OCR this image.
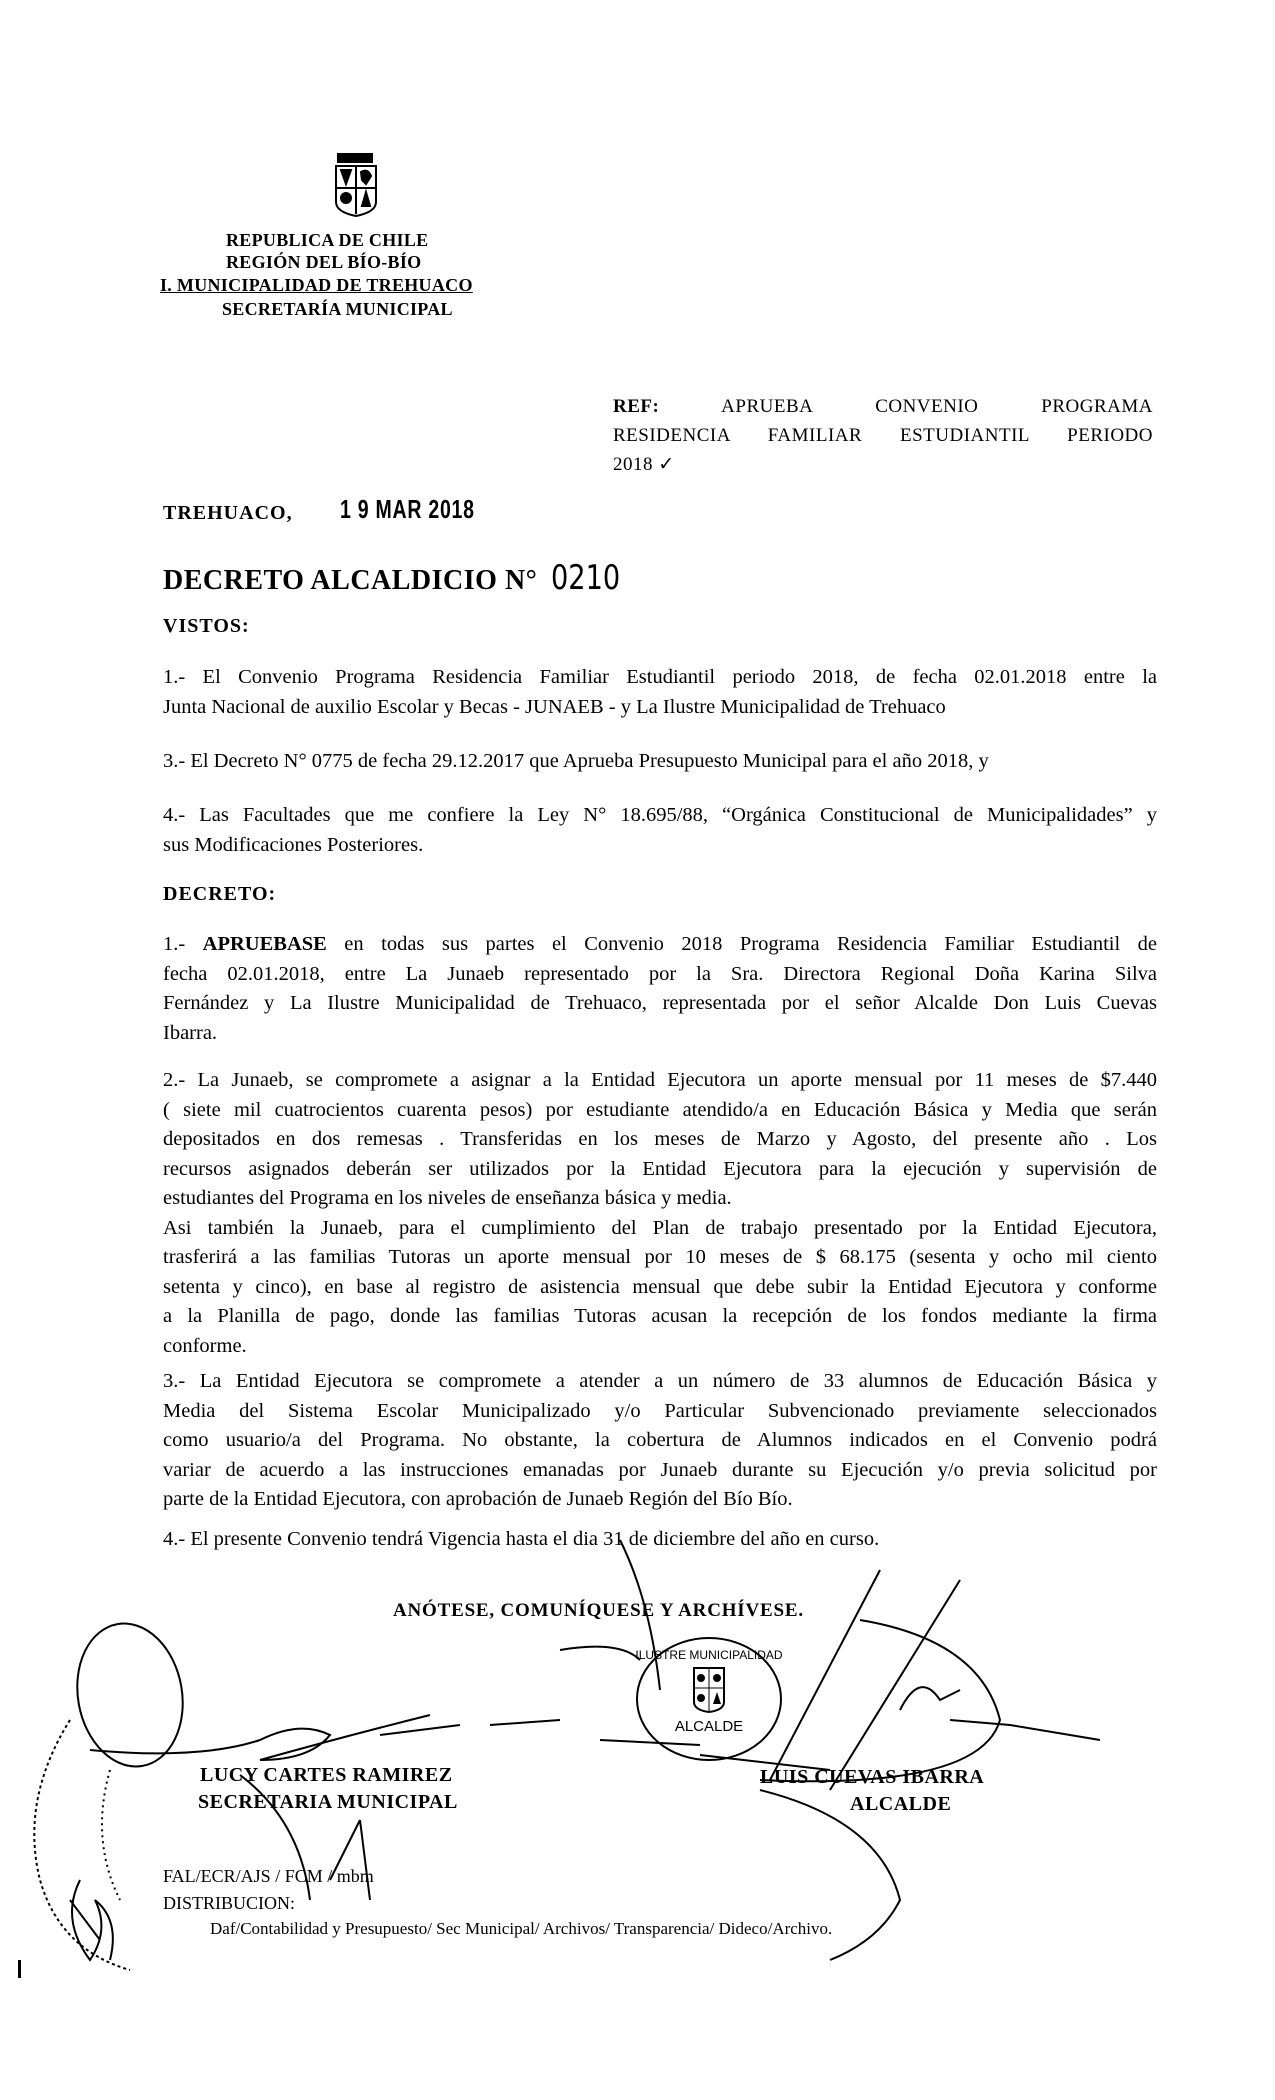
REPUBLICA DE CHILE
REGIÓN DEL BÍO-BÍO
I. MUNICIPALIDAD DE TREHUACO
SECRETARÍA MUNICIPAL
REF:	APRUEBA CONVENIO PROGRAMA
RESIDENCIA FAMILIAR ESTUDIANTIL PERIODO
2018 ✓
TREHUACO, 1 9 MAR 2018
DECRETO ALCALDICIO N° 0210
VISTOS:
1.- El Convenio Programa Residencia Familiar Estudiantil periodo 2018, de fecha 02.01.2018 entre la
Junta Nacional de auxilio Escolar y Becas - JUNAEB - y La Ilustre Municipalidad de Trehuaco
3.- El Decreto N° 0775 de fecha 29.12.2017 que Aprueba Presupuesto Municipal para el año 2018, y
4.- Las Facultades que me confiere la Ley N° 18.695/88, “Orgánica Constitucional de Municipalidades” y
sus Modificaciones Posteriores.
DECRETO:
1.- APRUEBASE en todas sus partes el Convenio 2018 Programa Residencia Familiar Estudiantil de
fecha 02.01.2018, entre La Junaeb representado por la Sra. Directora Regional Doña Karina Silva
Fernández y La Ilustre Municipalidad de Trehuaco, representada por el señor Alcalde Don Luis Cuevas
Ibarra.
2.- La Junaeb, se compromete a asignar a la Entidad Ejecutora un aporte mensual por 11 meses de $7.440
( siete mil cuatrocientos cuarenta pesos) por estudiante atendido/a en Educación Básica y Media que serán
depositados en dos remesas . Transferidas en los meses de Marzo y Agosto, del presente año . Los
recursos asignados deberán ser utilizados por la Entidad Ejecutora para la ejecución y supervisión de
estudiantes del Programa en los niveles de enseñanza básica y media.
Asi también la Junaeb, para el cumplimiento del Plan de trabajo presentado por la Entidad Ejecutora,
trasferirá a las familias Tutoras un aporte mensual por 10 meses de $ 68.175 (sesenta y ocho mil ciento
setenta y cinco), en base al registro de asistencia mensual que debe subir la Entidad Ejecutora y conforme
a la Planilla de pago, donde las familias Tutoras acusan la recepción de los fondos mediante la firma
conforme.
3.- La Entidad Ejecutora se compromete a atender a un número de 33 alumnos de Educación Básica y
Media del Sistema Escolar Municipalizado y/o Particular Subvencionado previamente seleccionados
como usuario/a del Programa. No obstante, la cobertura de Alumnos indicados en el Convenio podrá
variar de acuerdo a las instrucciones emanadas por Junaeb durante su Ejecución y/o previa solicitud por
parte de la Entidad Ejecutora, con aprobación de Junaeb Región del Bío Bío.
4.- El presente Convenio tendrá Vigencia hasta el dia 31 de diciembre del año en curso.
ANÓTESE, COMUNÍQUESE Y ARCHÍVESE.
LUCY CARTES RAMIREZ
SECRETARIA MUNICIPAL
LUIS CUEVAS IBARRA
ALCALDE
FAL/ECR/AJS / FCM / mbm
DISTRIBUCION:
Daf/Contabilidad y Presupuesto/ Sec Municipal/ Archivos/ Transparencia/ Dideco/Archivo.
ILUSTRE MUNICIPALIDAD
ALCALDE
